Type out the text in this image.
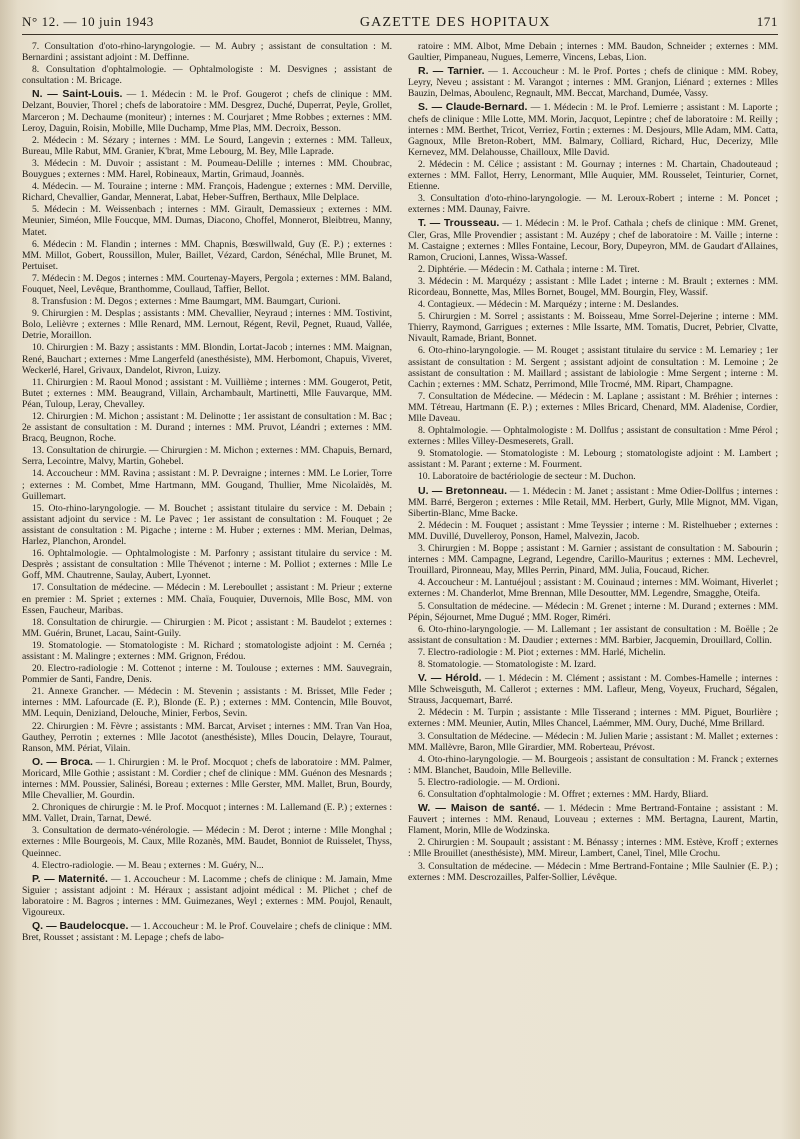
N° 12. — 10 juin 1943	GAZETTE DES HOPITAUX	171

7. Consultation d'oto-rhino-laryngologie. — M. Aubry ; assistant de consultation : M. Bernardini ; assistant adjoint : M. Deffinne.

8. Consultation d'ophtalmologie. — Ophtalmologiste : M. Desvignes ; assistant de consultation : M. Bricage.

N. — Saint-Louis. — 1. Médecin : M. le Prof. Gougerot ; chefs de clinique : MM. Delzant, Bouvier, Thorel ; chefs de laboratoire : MM. Desgrez, Duché, Duperrat, Peyle, Grollet, Marceron ; M. Dechaume (moniteur) ; internes : M. Courjaret ; Mme Robbes ; externes : MM. Leroy, Daguin, Roisin, Mobille, Mlle Duchamp, Mme Plas, MM. Decroix, Besson.

2. Médecin : M. Sézary ; internes : MM. Le Sourd, Langevin ; externes : MM. Talleux, Bureau, Mlle Rabut, MM. Granier, K'brat, Mme Lebourg, M. Bey, Mlle Laprade.

3. Médecin : M. Duvoir ; assistant : M. Poumeau-Delille ; internes : MM. Choubrac, Bouygues ; externes : MM. Harel, Robineaux, Martin, Grimaud, Joannès.

4. Médecin. — M. Touraine ; interne : MM. François, Hadengue ; externes : MM. Derville, Richard, Chevallier, Gandar, Mennerat, Labat, Heber-Suffren, Berthaux, Mlle Delplace.

5. Médecin : M. Weissenbach ; internes : MM. Girault, Demassieux ; externes : MM. Meunier, Siméon, Mlle Foucque, MM. Dumas, Diacono, Choffel, Monnerot, Bleibtreu, Manny, Matet.

6. Médecin : M. Flandin ; internes : MM. Chapnis, Bœswillwald, Guy (E. P.) ; externes : MM. Millot, Gobert, Roussillon, Muler, Baillet, Vézard, Cardon, Sénéchal, Mlle Brunet, M. Pertuiset.

7. Médecin : M. Degos ; internes : MM. Courtenay-Mayers, Pergola ; externes : MM. Baland, Fouquet, Neel, Levêque, Branthomme, Coullaud, Taffier, Bellot.

8. Transfusion : M. Degos ; externes : Mme Baumgart, MM. Baumgart, Curioni.

9. Chirurgien : M. Desplas ; assistants : MM. Chevallier, Neyraud ; internes : MM. Tostivint, Bolo, Lelièvre ; externes : Mlle Renard, MM. Lernout, Régent, Revil, Pegnet, Ruaud, Vallée, Detrie, Moraillon.

10. Chirurgien : M. Bazy ; assistants : MM. Blondin, Lortat-Jacob ; internes : MM. Maignan, René, Bauchart ; externes : Mme Langerfeld (anesthésiste), MM. Herbomont, Chapuis, Viveret, Weckerlé, Harel, Grivaux, Dandelot, Rivron, Luizy.

11. Chirurgien : M. Raoul Monod ; assistant : M. Vuillième ; internes : MM. Gougerot, Petit, Butet ; externes : MM. Beaugrand, Villain, Archambault, Martinetti, Mlle Fauvarque, MM. Péan, Tuloup, Leray, Chevalley.

12. Chirurgien : M. Michon ; assistant : M. Delinotte ; 1er assistant de consultation : M. Bac ; 2e assistant de consultation : M. Durand ; internes : MM. Pruvot, Léandri ; externes : MM. Bracq, Beugnon, Roche.

13. Consultation de chirurgie. — Chirurgien : M. Michon ; externes : MM. Chapuis, Bernard, Serra, Lecointre, Malvy, Martin, Gohebel.

14. Accoucheur : MM. Ravina ; assistant : M. P. Devraigne ; internes : MM. Le Lorier, Torre ; externes : M. Combet, Mme Hartmann, MM. Gougand, Thullier, Mme Nicolaïdès, M. Guillemart.

15. Oto-rhino-laryngologie. — M. Bouchet ; assistant titulaire du service : M. Debain ; assistant adjoint du service : M. Le Pavec ; 1er assistant de consultation : M. Fouquet ; 2e assistant de consultation : M. Pigache ; interne : M. Huber ; externes : MM. Merian, Delmas, Harlez, Planchon, Arondel.

16. Ophtalmologie. — Ophtalmologiste : M. Parfonry ; assistant titulaire du service : M. Desprès ; assistant de consultation : Mlle Thévenot ; interne : M. Polliot ; externes : Mlle Le Goff, MM. Chautrenne, Saulay, Aubert, Lyonnet.

17. Consultation de médecine. — Médecin : M. Lereboullet ; assistant : M. Prieur ; externe en premier : M. Spriet ; externes : MM. Chaïa, Fouquier, Duvernois, Mlle Bosc, MM. von Essen, Faucheur, Maribas.

18. Consultation de chirurgie. — Chirurgien : M. Picot ; assistant : M. Baudelot ; externes : MM. Guérin, Brunet, Lacau, Saint-Guily.

19. Stomatologie. — Stomatologiste : M. Richard ; stomatologiste adjoint : M. Cernéa ; assistant : M. Malingre ; externes : MM. Grignon, Frédou.

20. Electro-radiologie : M. Cottenot ; interne : M. Toulouse ; externes : MM. Sauvegrain, Pommier de Santi, Fandre, Denis.

21. Annexe Grancher. — Médecin : M. Stevenin ; assistants : M. Brisset, Mlle Feder ; internes : MM. Lafourcade (E. P.), Blonde (E. P.) ; externes : MM. Contencin, Mlle Bouvot, MM. Lequin, Deniziand, Delouche, Minier, Ferbos, Sevin.

22. Chirurgien : M. Fèvre ; assistants : MM. Barcat, Arviset ; internes : MM. Tran Van Hoa, Gauthey, Perrotin ; externes : Mlle Jacotot (anesthésiste), Mlles Doucin, Delayre, Touraut, Ranson, MM. Périat, Vilain.

O. — Broca. — 1. Chirurgien : M. le Prof. Mocquot ; chefs de laboratoire : MM. Palmer, Moricard, Mlle Gothie ; assistant : M. Cordier ; chef de clinique : MM. Guénon des Mesnards ; internes : MM. Poussier, Salinési, Boreau ; externes : Mlle Gerster, MM. Mallet, Brun, Bourdy, Mlle Chevallier, M. Gourdin.

2. Chroniques de chirurgie : M. le Prof. Mocquot ; internes : M. Lallemand (E. P.) ; externes : MM. Vallet, Drain, Tarnat, Dewé.

3. Consultation de dermato-vénérologie. — Médecin : M. Derot ; interne : Mlle Monghal ; externes : Mlle Bourgeois, M. Caux, Mlle Rozanès, MM. Baudet, Bonniot de Ruisselet, Thyss, Queinnec.

4. Electro-radiologie. — M. Beau ; externes : M. Guéry, N...

P. — Maternité. — 1. Accoucheur : M. Lacomme ; chefs de clinique : M. Jamain, Mme Siguier ; assistant adjoint : M. Héraux ; assistant adjoint médical : M. Plichet ; chef de laboratoire : M. Bagros ; internes : MM. Guimezanes, Weyl ; externes : MM. Poujol, Renault, Vigoureux.

Q. — Baudelocque. — 1. Accoucheur : M. le Prof. Couvelaire ; chefs de clinique : MM. Bret, Rousset ; assistant : M. Lepage ; chefs de labo-

ratoire : MM. Albot, Mme Debain ; internes : MM. Baudon, Schneider ; externes : MM. Gaultier, Pimpaneau, Nugues, Lemerre, Vincens, Lebas, Lion.

R. — Tarnier. — 1. Accoucheur : M. le Prof. Portes ; chefs de clinique : MM. Robey, Leyry, Neveu ; assistant : M. Varangot ; internes : MM. Granjon, Liénard ; externes : Mlles Bauzin, Delmas, Aboulenc, Regnault, MM. Beccat, Marchand, Dumée, Vassy.

S. — Claude-Bernard. — 1. Médecin : M. le Prof. Lemierre ; assistant : M. Laporte ; chefs de clinique : Mlle Lotte, MM. Morin, Jacquot, Lepintre ; chef de laboratoire : M. Reilly ; internes : MM. Berthet, Tricot, Verriez, Fortin ; externes : M. Desjours, Mlle Adam, MM. Catta, Gagnoux, Mlle Breton-Robert, MM. Balmary, Colliard, Richard, Huc, Decerizy, Mlle Kernevez, MM. Delahousse, Chailloux, Mlle David.

2. Médecin : M. Célice ; assistant : M. Gournay ; internes : M. Chartain, Chadouteaud ; externes : MM. Fallot, Herry, Lenormant, Mlle Auquier, MM. Rousselet, Teinturier, Cornet, Etienne.

3. Consultation d'oto-rhino-laryngologie. — M. Leroux-Robert ; interne : M. Poncet ; externes : MM. Daunay, Faivre.

T. — Trousseau. — 1. Médecin : M. le Prof. Cathala ; chefs de clinique : MM. Grenet, Cler, Gras, Mlle Provendier ; assistant : M. Auzépy ; chef de laboratoire : M. Vaille ; interne : M. Castaigne ; externes : Mlles Fontaine, Lecour, Bory, Dupeyron, MM. de Gaudart d'Allaines, Ramon, Crucioni, Lannes, Wissa-Wassef.

2. Diphtérie. — Médecin : M. Cathala ; interne : M. Tiret.

3. Médecin : M. Marquézy ; assistant : Mlle Ladet ; interne : M. Brault ; externes : MM. Ricordeau, Bonnette, Mas, Mlles Bornet, Bougel, MM. Bourgin, Fley, Wassif.

4. Contagieux. — Médecin : M. Marquézy ; interne : M. Deslandes.

5. Chirurgien : M. Sorrel ; assistants : M. Boisseau, Mme Sorrel-Dejerine ; interne : MM. Thierry, Raymond, Garrigues ; externes : Mlle Issarte, MM. Tomatis, Ducret, Pebrier, Clvatte, Nivault, Ramade, Briant, Bonnet.

6. Oto-rhino-laryngologie. — M. Rouget ; assistant titulaire du service : M. Lemariey ; 1er assistant de consultation : M. Sergent ; assistant adjoint de consultation : M. Lemoine ; 2e assistant de consultation : M. Maillard ; assistant de labiologie : Mme Sergent ; interne : M. Cachin ; externes : MM. Schatz, Perrimond, Mlle Trocmé, MM. Ripart, Champagne.

7. Consultation de Médecine. — Médecin : M. Laplane ; assistant : M. Bréhier ; internes : MM. Tétreau, Hartmann (E. P.) ; externes : Mlles Bricard, Chenard, MM. Aladenise, Cordier, Mlle Daveau.

8. Ophtalmologie. — Ophtalmologiste : M. Dollfus ; assistant de consultation : Mme Pérol ; externes : Mlles Villey-Desmeserets, Grall.

9. Stomatologie. — Stomatologiste : M. Lebourg ; stomatologiste adjoint : M. Lambert ; assistant : M. Parant ; externe : M. Fourment.

10. Laboratoire de bactériologie de secteur : M. Duchon.

U. — Bretonneau. — 1. Médecin : M. Janet ; assistant : Mme Odier-Dollfus ; internes : MM. Barré, Bergeron ; externes : Mlle Retail, MM. Herbert, Gurly, Mlle Mignot, MM. Vigan, Sibertin-Blanc, Mme Backe.

2. Médecin : M. Fouquet ; assistant : Mme Teyssier ; interne : M. Ristelhueber ; externes : MM. Duvillé, Duvelleroy, Ponson, Hamel, Malvezin, Jacob.

3. Chirurgien : M. Boppe ; assistant : M. Garnier ; assistant de consultation : M. Sabourin ; internes : MM. Campagne, Legrand, Legendre, Carillo-Mauritus ; externes : MM. Lechevrel, Trouillard, Pironneau, May, Mlles Perrin, Pinard, MM. Julia, Foucaud, Richer.

4. Accoucheur : M. Lantuéjoul ; assistant : M. Couinaud ; internes : MM. Woimant, Hiverlet ; externes : M. Chanderlot, Mme Brennan, Mlle Desoutter, MM. Legendre, Smagghe, Oteifa.

5. Consultation de médecine. — Médecin : M. Grenet ; interne : M. Durand ; externes : MM. Pépin, Séjournet, Mme Dugué ; MM. Roger, Riméri.

6. Oto-rhino-laryngologie. — M. Lallemant ; 1er assistant de consultation : M. Boëlle ; 2e assistant de consultation : M. Daudier ; externes : MM. Barbier, Jacquemin, Drouillard, Collin.

7. Electro-radiologie : M. Piot ; externes : MM. Harlé, Michelin.

8. Stomatologie. — Stomatologiste : M. Izard.

V. — Hérold. — 1. Médecin : M. Clément ; assistant : M. Combes-Hamelle ; internes : Mlle Schweisguth, M. Callerot ; externes : MM. Lafleur, Meng, Voyeux, Fruchard, Ségalen, Strauss, Jacquemart, Barré.

2. Médecin : M. Turpin ; assistante : Mlle Tisserand ; internes : MM. Piguet, Bourlière ; externes : MM. Meunier, Autin, Mlles Chancel, Laémmer, MM. Oury, Duché, Mme Brillard.

3. Consultation de Médecine. — Médecin : M. Julien Marie ; assistant : M. Mallet ; externes : MM. Mallèvre, Baron, Mlle Girardier, MM. Roberteau, Prévost.

4. Oto-rhino-laryngologie. — M. Bourgeois ; assistant de consultation : M. Franck ; externes : MM. Blanchet, Baudoin, Mlle Belleville.

5. Electro-radiologie. — M. Ordioni.

6. Consultation d'ophtalmologie : M. Offret ; externes : MM. Hardy, Bliard.

W. — Maison de santé. — 1. Médecin : Mme Bertrand-Fontaine ; assistant : M. Fauvert ; internes : MM. Renaud, Louveau ; externes : MM. Bertagna, Laurent, Martin, Flament, Morin, Mlle de Wodzinska.

2. Chirurgien : M. Soupault ; assistant : M. Bénassy ; internes : MM. Estève, Kroff ; externes : Mlle Brouillet (anesthésiste), MM. Mireur, Lambert, Canel, Tinel, Mlle Crochu.

3. Consultation de médecine. — Médecin : Mme Bertrand-Fontaine ; Mlle Saulnier (E. P.) ; externes : MM. Descrozailles, Palfer-Sollier, Lévêque.
